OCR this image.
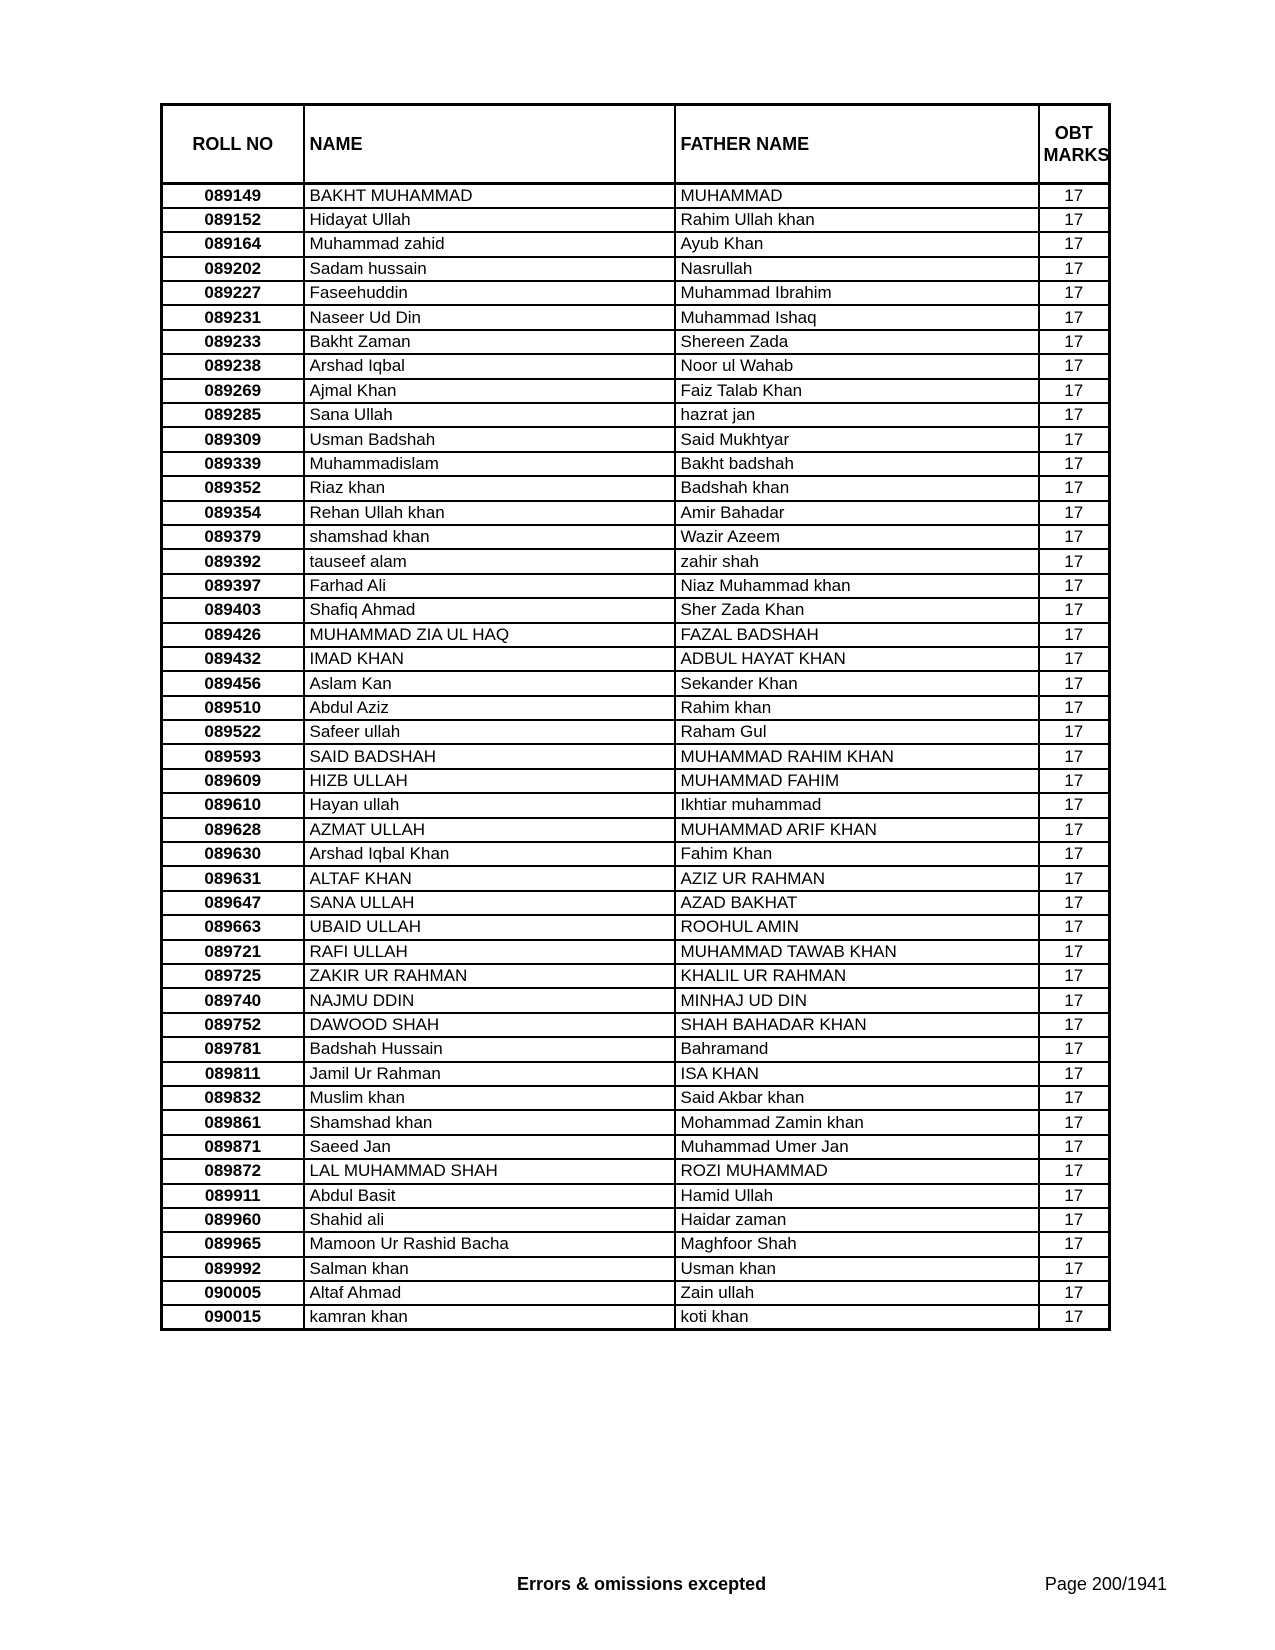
ROLL NO	NAME	FATHER NAME	OBT MARKS
089149	BAKHT MUHAMMAD	MUHAMMAD	17
089152	Hidayat Ullah	Rahim Ullah khan	17
089164	Muhammad zahid	Ayub Khan	17
089202	Sadam hussain	Nasrullah	17
089227	Faseehuddin	Muhammad Ibrahim	17
089231	Naseer Ud Din	Muhammad Ishaq	17
089233	Bakht Zaman	Shereen Zada	17
089238	Arshad Iqbal	Noor ul Wahab	17
089269	Ajmal Khan	Faiz Talab Khan	17
089285	Sana Ullah	hazrat jan	17
089309	Usman Badshah	Said Mukhtyar	17
089339	Muhammadislam	Bakht badshah	17
089352	Riaz khan	Badshah khan	17
089354	Rehan Ullah khan	Amir Bahadar	17
089379	shamshad khan	Wazir Azeem	17
089392	tauseef alam	zahir shah	17
089397	Farhad Ali	Niaz Muhammad khan	17
089403	Shafiq Ahmad	Sher Zada Khan	17
089426	MUHAMMAD ZIA UL HAQ	FAZAL BADSHAH	17
089432	IMAD KHAN	ADBUL HAYAT KHAN	17
089456	Aslam Kan	Sekander Khan	17
089510	Abdul Aziz	Rahim khan	17
089522	Safeer ullah	Raham Gul	17
089593	SAID BADSHAH	MUHAMMAD RAHIM KHAN	17
089609	HIZB ULLAH	MUHAMMAD FAHIM	17
089610	Hayan ullah	Ikhtiar muhammad	17
089628	AZMAT ULLAH	MUHAMMAD ARIF KHAN	17
089630	Arshad Iqbal Khan	Fahim Khan	17
089631	ALTAF KHAN	AZIZ UR RAHMAN	17
089647	SANA ULLAH	AZAD BAKHAT	17
089663	UBAID ULLAH	ROOHUL AMIN	17
089721	RAFI ULLAH	MUHAMMAD TAWAB KHAN	17
089725	ZAKIR UR RAHMAN	KHALIL UR RAHMAN	17
089740	NAJMU DDIN	MINHAJ UD DIN	17
089752	DAWOOD SHAH	SHAH BAHADAR KHAN	17
089781	Badshah Hussain	Bahramand	17
089811	Jamil Ur Rahman	ISA KHAN	17
089832	Muslim khan	Said Akbar khan	17
089861	Shamshad khan	Mohammad Zamin khan	17
089871	Saeed Jan	Muhammad Umer Jan	17
089872	LAL MUHAMMAD SHAH	ROZI MUHAMMAD	17
089911	Abdul Basit	Hamid Ullah	17
089960	Shahid ali	Haidar zaman	17
089965	Mamoon Ur Rashid Bacha	Maghfoor Shah	17
089992	Salman khan	Usman khan	17
090005	Altaf Ahmad	Zain ullah	17
090015	kamran khan	koti khan	17
Errors & omissions excepted	Page 200/1941
